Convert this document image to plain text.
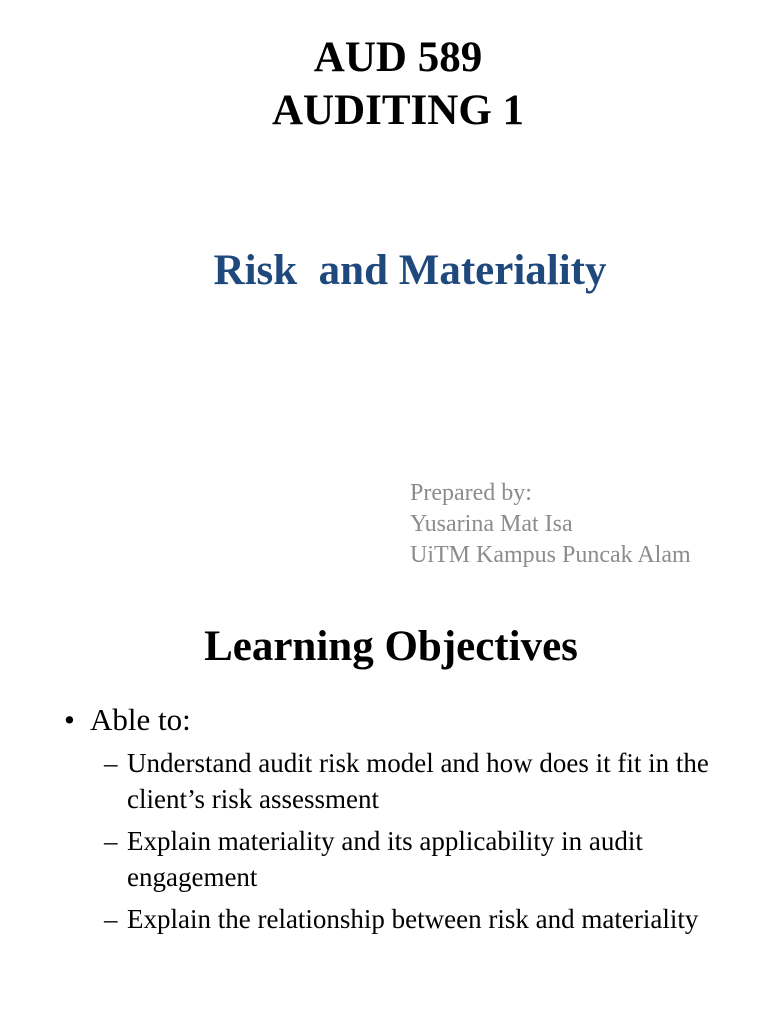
AUD 589
AUDITING 1
Risk  and Materiality
Prepared by:
Yusarina Mat Isa
UiTM Kampus Puncak Alam
Learning Objectives
• Able to:
– Understand audit risk model and how does it fit in the client’s risk assessment
– Explain materiality and its applicability in audit engagement
– Explain the relationship between risk and materiality
